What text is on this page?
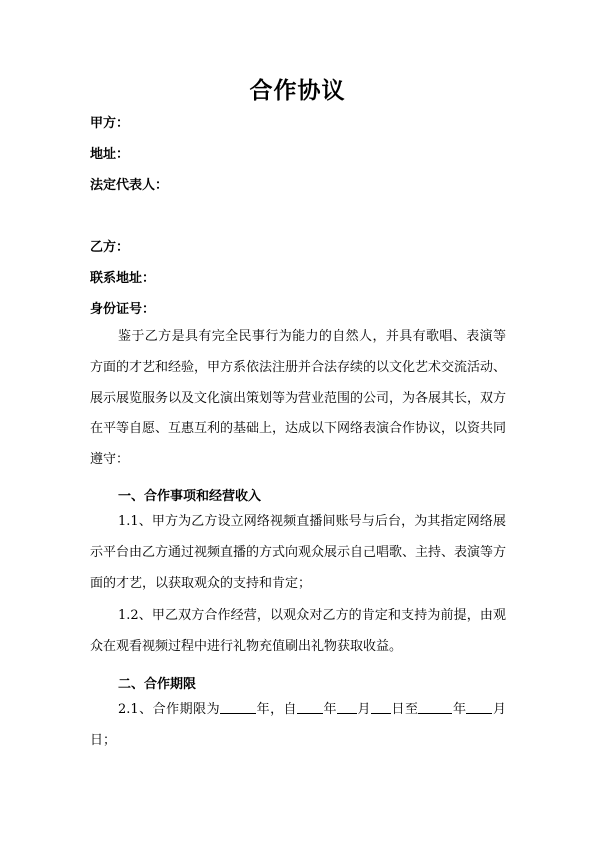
合作协议
甲方：
地址：
法定代表人：
乙方：
联系地址：
身份证号：

鉴于乙方是具有完全民事行为能力的自然人，并具有歌唱、表演等方面的才艺和经验，甲方系依法注册并合法存续的以文化艺术交流活动、展示展览服务以及文化演出策划等为营业范围的公司，为各展其长，双方在平等自愿、互惠互利的基础上，达成以下网络表演合作协议，以资共同遵守：

一、合作事项和经营收入

1.1、甲方为乙方设立网络视频直播间账号与后台，为其指定网络展示平台由乙方通过视频直播的方式向观众展示自己唱歌、主持、表演等方面的才艺，以获取观众的支持和肯定；

1.2、甲乙双方合作经营，以观众对乙方的肯定和支持为前提，由观众在观看视频过程中进行礼物充值刷出礼物获取收益。

二、合作期限

2.1、合作期限为	年，自 年 月 日至	年 月日；
